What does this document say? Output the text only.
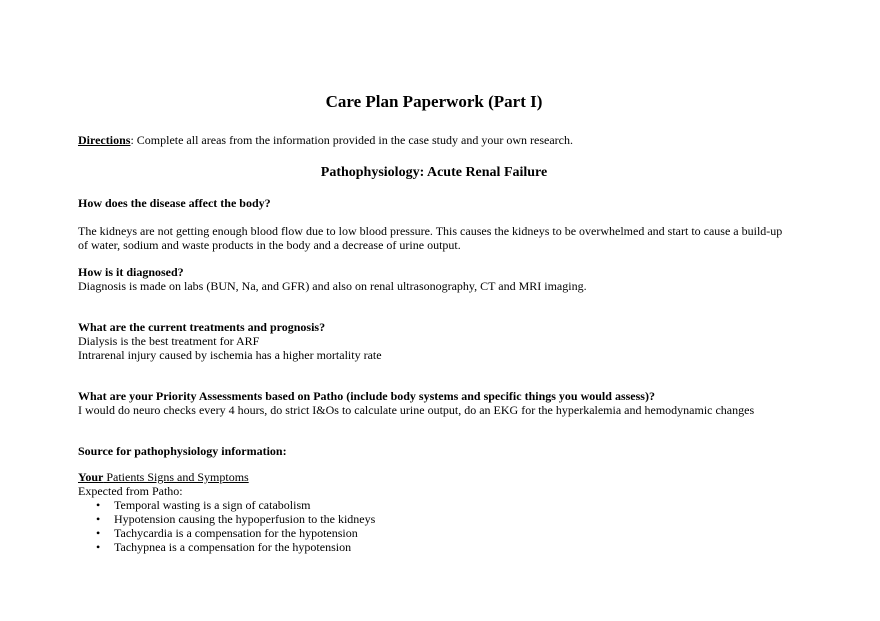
Care Plan Paperwork (Part I)
Directions: Complete all areas from the information provided in the case study and your own research.
Pathophysiology: Acute Renal Failure
How does the disease affect the body?
The kidneys are not getting enough blood flow due to low blood pressure. This causes the kidneys to be overwhelmed and start to cause a build-up of water, sodium and waste products in the body and a decrease of urine output.
How is it diagnosed?
Diagnosis is made on labs (BUN, Na, and GFR) and also on renal ultrasonography, CT and MRI imaging.
What are the current treatments and prognosis?
Dialysis is the best treatment for ARF
Intrarenal injury caused by ischemia has a higher mortality rate
What are your Priority Assessments based on Patho (include body systems and specific things you would assess)?
I would do neuro checks every 4 hours, do strict I&Os to calculate urine output, do an EKG for the hyperkalemia and hemodynamic changes
Source for pathophysiology information:
Your Patients Signs and Symptoms
Expected from Patho:
• Temporal wasting is a sign of catabolism
• Hypotension causing the hypoperfusion to the kidneys
• Tachycardia is a compensation for the hypotension
• Tachypnea is a compensation for the hypotension
